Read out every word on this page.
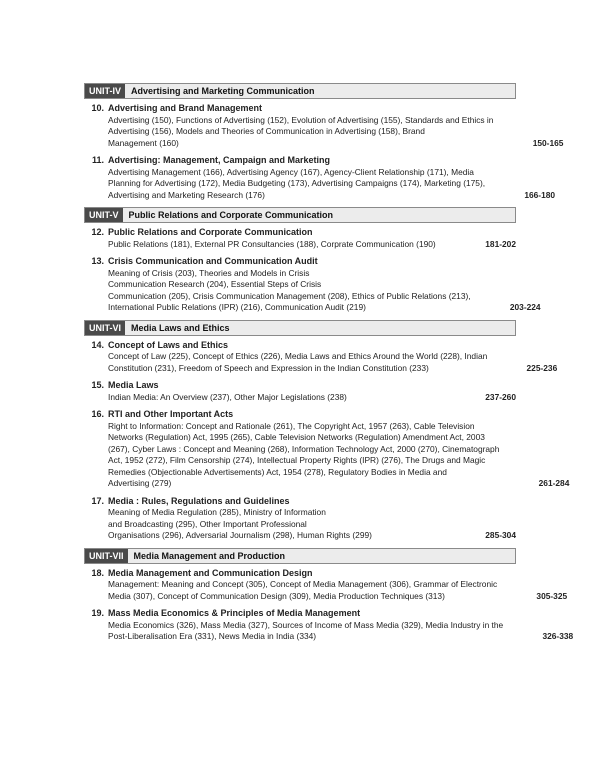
UNIT-IV	Advertising and Marketing Communication
10. Advertising and Brand Management
Advertising (150), Functions of Advertising (152), Evolution of Advertising (155), Standards and Ethics in
Advertising (156), Models and Theories of Communication in Advertising (158), Brand
Management (160)	150-165
11. Advertising: Management, Campaign and Marketing
Advertising Management (166), Advertising Agency (167), Agency-Client Relationship (171), Media
Planning for Advertising (172), Media Budgeting (173), Advertising Campaigns (174), Marketing (175),
Advertising and Marketing Research (176)	166-180
UNIT-V	Public Relations and Corporate Communication
12. Public Relations and Corporate Communication
Public Relations (181), External PR Consultancies (188), Corprate Communication (190)	181-202
13. Crisis Communication and Communication Audit
Meaning of Crisis (203), Theories and Models in Crisis
Communication Research (204), Essential Steps of Crisis
Communication (205), Crisis Communication Management (208), Ethics of Public Relations (213),
International Public Relations (IPR) (216), Communication Audit (219)	203-224
UNIT-VI	Media Laws and Ethics
14. Concept of Laws and Ethics
Concept of Law (225), Concept of Ethics (226), Media Laws and Ethics Around the World (228), Indian
Constitution (231), Freedom of Speech and Expression in the Indian Constitution (233)	225-236
15. Media Laws
Indian Media: An Overview (237), Other Major Legislations (238)	237-260
16. RTI and Other Important Acts
Right to Information: Concept and Rationale (261), The Copyright Act, 1957 (263), Cable Television
Networks (Regulation) Act, 1995 (265), Cable Television Networks (Regulation) Amendment Act, 2003
(267), Cyber Laws : Concept and Meaning (268), Information Technology Act, 2000 (270), Cinematograph
Act, 1952 (272), Film Censorship (274), Intellectual Property Rights (IPR) (276), The Drugs and Magic
Remedies (Objectionable Advertisements) Act, 1954 (278), Regulatory Bodies in Media and
Advertising (279)	261-284
17. Media : Rules, Regulations and Guidelines
Meaning of Media Regulation (285), Ministry of Information
and Broadcasting (295), Other Important Professional
Organisations (296), Adversarial Journalism (298), Human Rights (299)	285-304
UNIT-VII	Media Management and Production
18. Media Management and Communication Design
Management: Meaning and Concept (305), Concept of Media Management (306), Grammar of Electronic
Media (307), Concept of Communication Design (309), Media Production Techniques (313)	305-325
19. Mass Media Economics & Principles of Media Management
Media Economics (326), Mass Media (327), Sources of Income of Mass Media (329), Media Industry in the
Post-Liberalisation Era (331), News Media in India (334)	326-338
